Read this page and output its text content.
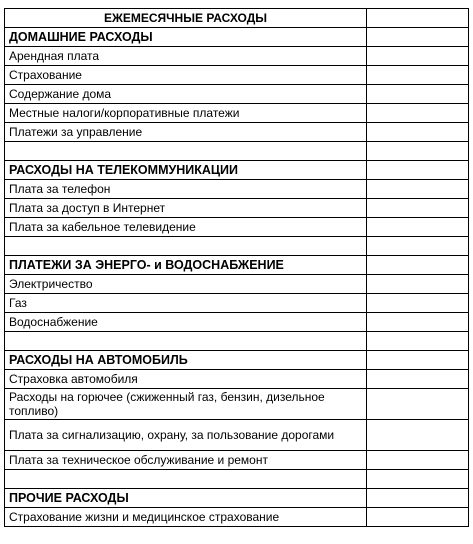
ЕЖЕМЕСЯЧНЫЕ РАСХОДЫ	
ДОМАШНИЕ РАСХОДЫ	
Арендная плата	
Страхование	
Содержание дома	
Местные налоги/корпоративные платежи	
Платежи за управление	

РАСХОДЫ НА ТЕЛЕКОММУНИКАЦИИ	
Плата за телефон	
Плата за доступ в Интернет	
Плата за кабельное телевидение	

ПЛАТЕЖИ ЗА ЭНЕРГО- и ВОДОСНАБЖЕНИЕ	
Электричество	
Газ	
Водоснабжение	

РАСХОДЫ НА АВТОМОБИЛЬ	
Страховка автомобиля	
Расходы на горючее (сжиженный газ, бензин, дизельное топливо)	
Плата за сигнализацию, охрану, за пользование дорогами	
Плата за техническое обслуживание и ремонт	

ПРОЧИЕ РАСХОДЫ	
Страхование жизни и медицинское страхование	
